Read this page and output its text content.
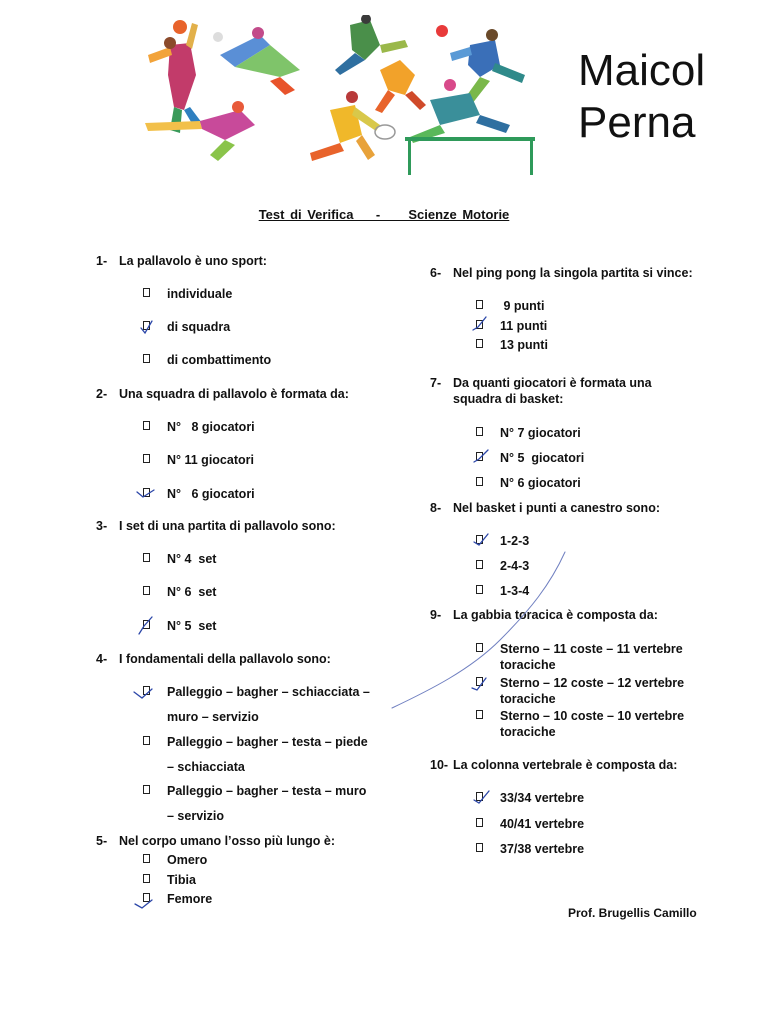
Maicol
Perna
Test di Verifica    -     Scienze Motorie
1- La pallavolo è uno sport:
individuale
di squadra
di combattimento
2- Una squadra di pallavolo è formata da:
N°   8 giocatori
N° 11 giocatori
N°   6 giocatori
3- I set di una partita di pallavolo sono:
N° 4  set
N° 6  set
N° 5  set
4- I fondamentali della pallavolo sono:
Palleggio – bagher – schiacciata –
muro – servizio
Palleggio – bagher – testa – piede
– schiacciata
Palleggio – bagher – testa – muro
– servizio
5- Nel corpo umano l’osso più lungo è:
Omero
Tibia
Femore
6- Nel ping pong la singola partita si vince:
9 punti
11 punti
13 punti
7- Da quanti giocatori è formata una
squadra di basket:
N° 7 giocatori
N° 5  giocatori
N° 6 giocatori
8- Nel basket i punti a canestro sono:
1-2-3
2-4-3
1-3-4
9- La gabbia toracica è composta da:
Sterno – 11 coste – 11 vertebre
toraciche
Sterno – 12 coste – 12 vertebre
toraciche
Sterno – 10 coste – 10 vertebre
toraciche
10- La colonna vertebrale è composta da:
33/34 vertebre
40/41 vertebre
37/38 vertebre
Prof. Brugellis Camillo
